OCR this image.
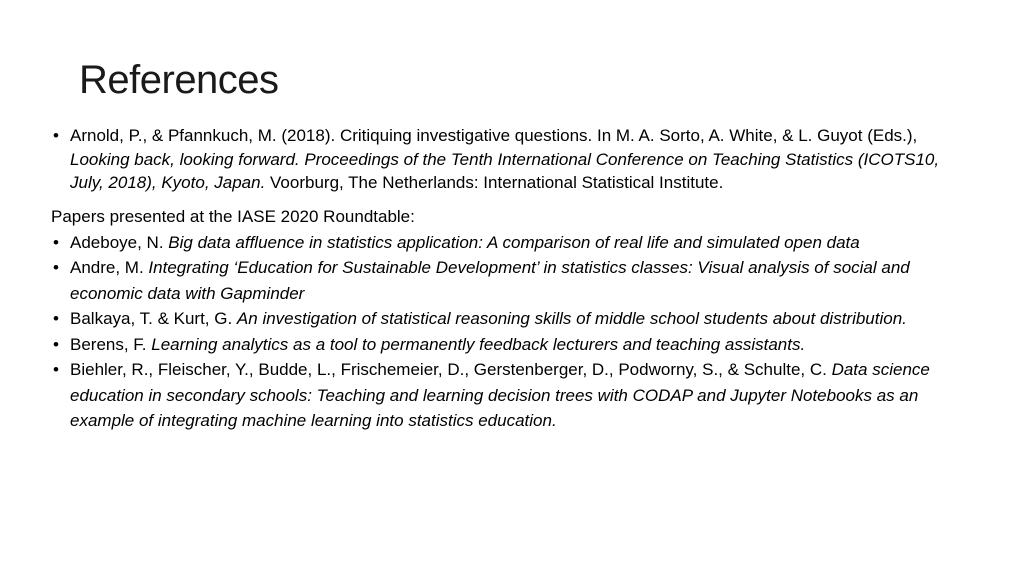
References
• Arnold, P., & Pfannkuch, M. (2018). Critiquing investigative questions. In M. A. Sorto, A. White, & L. Guyot (Eds.), Looking back, looking forward. Proceedings of the Tenth International Conference on Teaching Statistics (ICOTS10, July, 2018), Kyoto, Japan. Voorburg, The Netherlands: International Statistical Institute.
Papers presented at the IASE 2020 Roundtable:
• Adeboye, N. Big data affluence in statistics application: A comparison of real life and simulated open data
• Andre, M. Integrating ‘Education for Sustainable Development’ in statistics classes: Visual analysis of social and economic data with Gapminder
• Balkaya, T. & Kurt, G. An investigation of statistical reasoning skills of middle school students about distribution.
• Berens, F. Learning analytics as a tool to permanently feedback lecturers and teaching assistants.
• Biehler, R., Fleischer, Y., Budde, L., Frischemeier, D., Gerstenberger, D., Podworny, S., & Schulte, C. Data science education in secondary schools: Teaching and learning decision trees with CODAP and Jupyter Notebooks as an example of integrating machine learning into statistics education.
